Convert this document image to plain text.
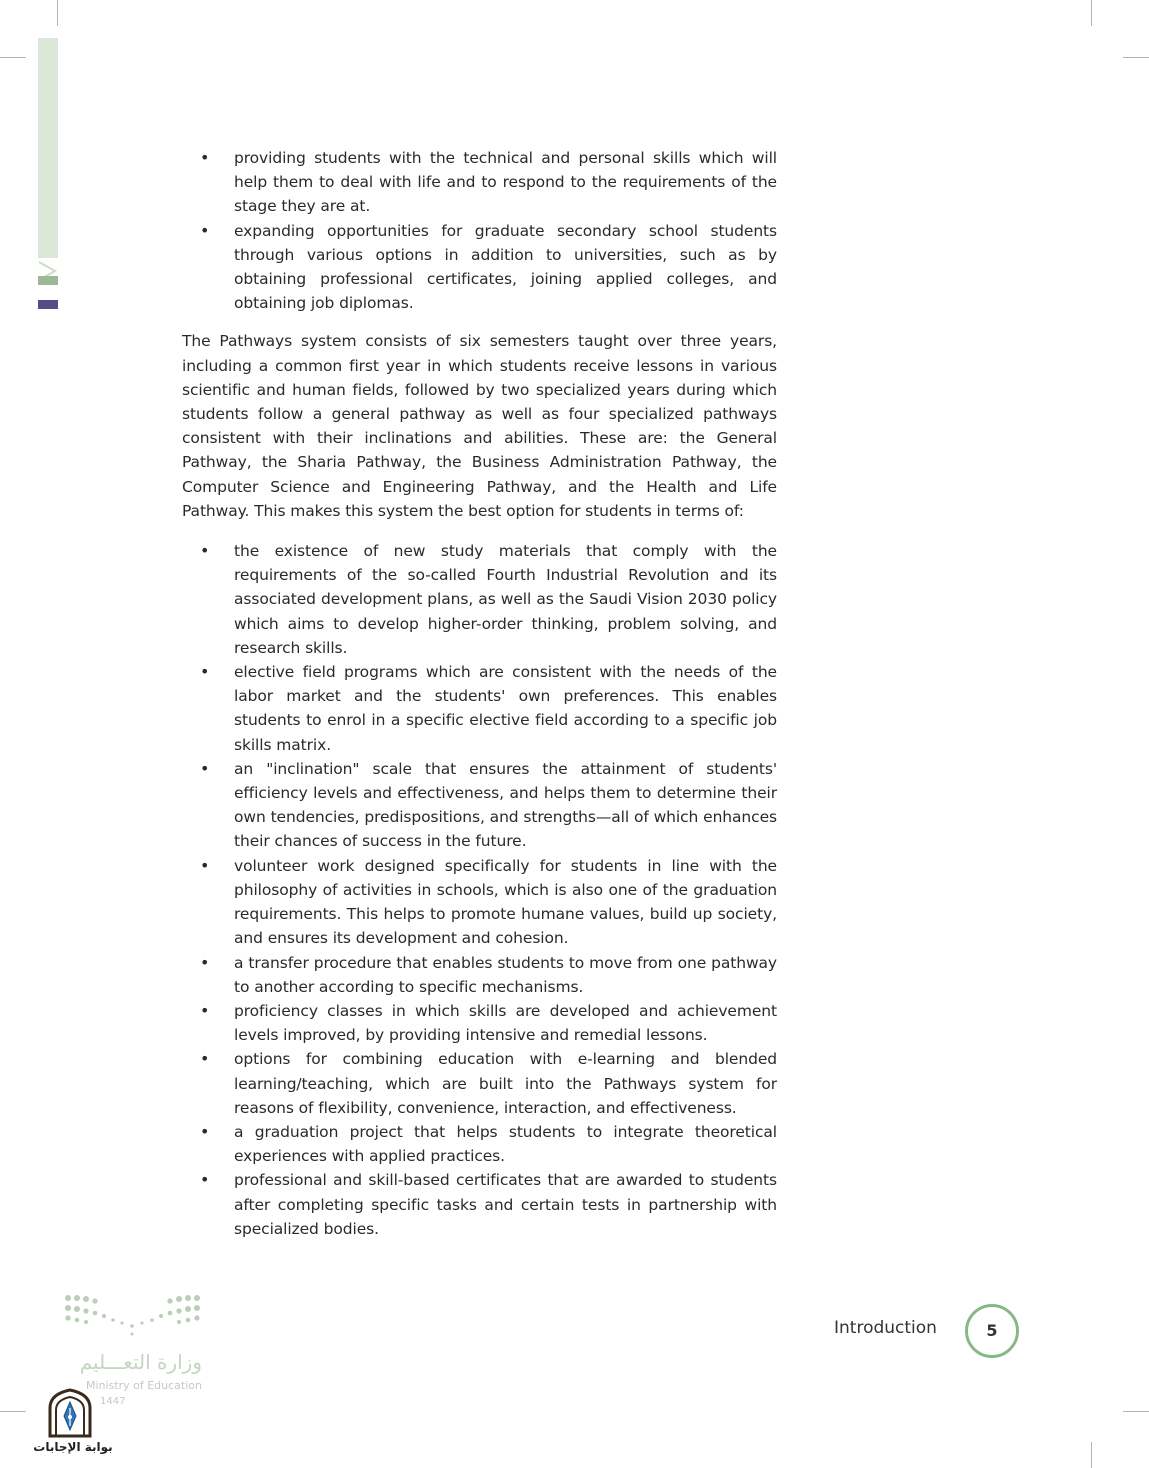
• providing students with the technical and personal skills which will help them to deal with life and to respond to the requirements of the stage they are at.
• expanding opportunities for graduate secondary school students through various options in addition to universities, such as by obtaining professional certificates, joining applied colleges, and obtaining job diplomas.

The Pathways system consists of six semesters taught over three years, including a common first year in which students receive lessons in various scientific and human fields, followed by two specialized years during which students follow a general pathway as well as four specialized pathways consistent with their inclinations and abilities. These are: the General Pathway, the Sharia Pathway, the Business Administration Pathway, the Computer Science and Engineering Pathway, and the Health and Life Pathway. This makes this system the best option for students in terms of:

• the existence of new study materials that comply with the requirements of the so-called Fourth Industrial Revolution and its associated development plans, as well as the Saudi Vision 2030 policy which aims to develop higher-order thinking, problem solving, and research skills.
• elective field programs which are consistent with the needs of the labor market and the students' own preferences. This enables students to enrol in a specific elective field according to a specific job skills matrix.
• an "inclination" scale that ensures the attainment of students' efficiency levels and effectiveness, and helps them to determine their own tendencies, predispositions, and strengths—all of which enhances their chances of success in the future.
• volunteer work designed specifically for students in line with the philosophy of activities in schools, which is also one of the graduation requirements. This helps to promote humane values, build up society, and ensures its development and cohesion.
• a transfer procedure that enables students to move from one pathway to another according to specific mechanisms.
• proficiency classes in which skills are developed and achievement levels improved, by providing intensive and remedial lessons.
• options for combining education with e-learning and blended learning/teaching, which are built into the Pathways system for reasons of flexibility, convenience, interaction, and effectiveness.
• a graduation project that helps students to integrate theoretical experiences with applied practices.
• professional and skill-based certificates that are awarded to students after completing specific tasks and certain tests in partnership with specialized bodies.
Introduction	5
وزارة التعـــليم
Ministry of Education
1447
بوابة الإجابات
